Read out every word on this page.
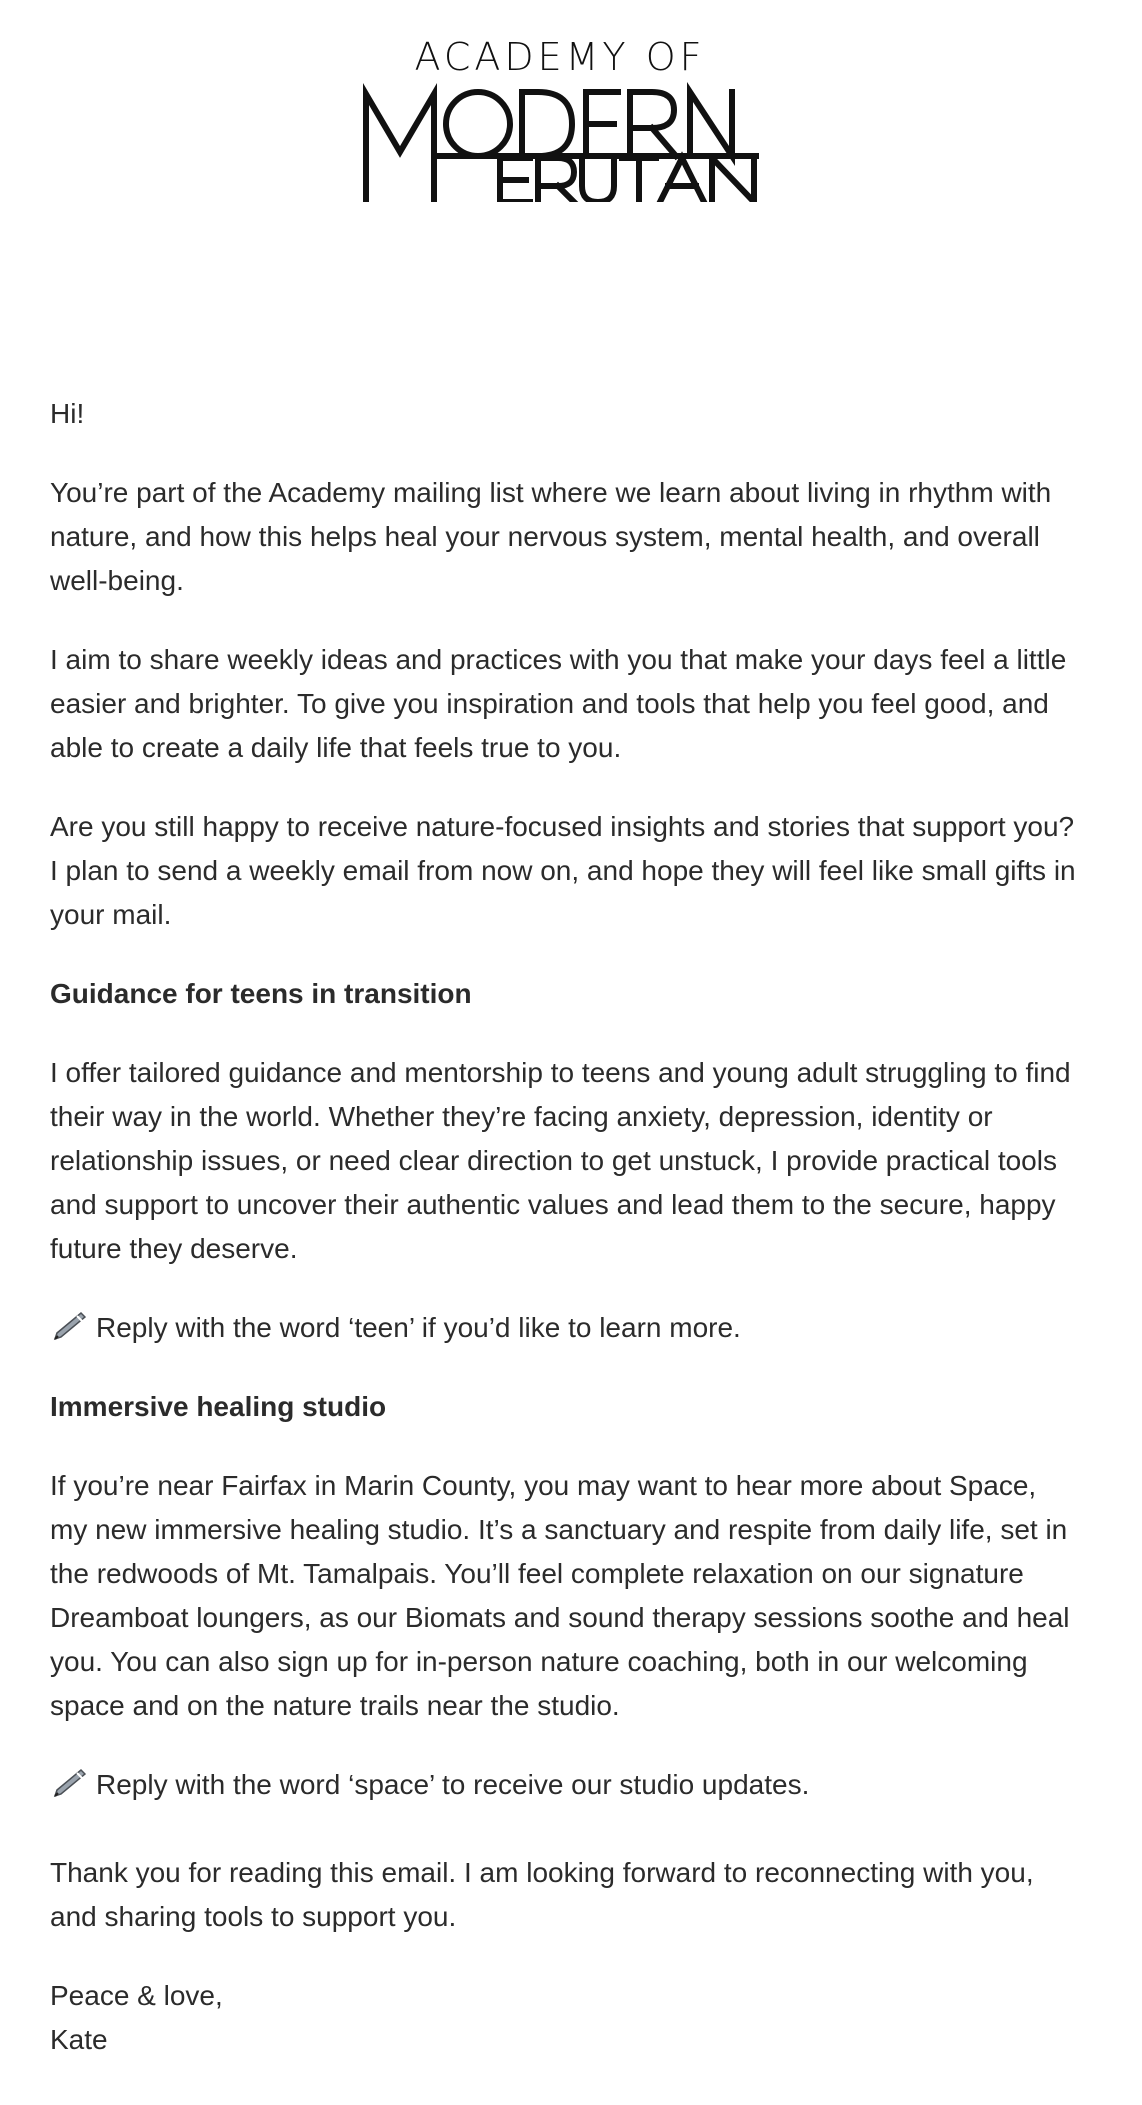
ACADEMY OF

Hi!

You’re part of the Academy mailing list where we learn about living in rhythm with nature, and how this helps heal your nervous system, mental health, and overall well-being.

I aim to share weekly ideas and practices with you that make your days feel a little easier and brighter. To give you inspiration and tools that help you feel good, and able to create a daily life that feels true to you.

Are you still happy to receive nature-focused insights and stories that support you? I plan to send a weekly email from now on, and hope they will feel like small gifts in your mail.

Guidance for teens in transition

I offer tailored guidance and mentorship to teens and young adult struggling to find their way in the world. Whether they’re facing anxiety, depression, identity or relationship issues, or need clear direction to get unstuck, I provide practical tools and support to uncover their authentic values and lead them to the secure, happy future they deserve.

Reply with the word ‘teen’ if you’d like to learn more.

Immersive healing studio

If you’re near Fairfax in Marin County, you may want to hear more about Space, my new immersive healing studio. It’s a sanctuary and respite from daily life, set in the redwoods of Mt. Tamalpais. You’ll feel complete relaxation on our signature Dreamboat loungers, as our Biomats and sound therapy sessions soothe and heal you. You can also sign up for in-person nature coaching, both in our welcoming space and on the nature trails near the studio.

Reply with the word ‘space’ to receive our studio updates.

Thank you for reading this email. I am looking forward to reconnecting with you, and sharing tools to support you.

Peace & love,

Kate
